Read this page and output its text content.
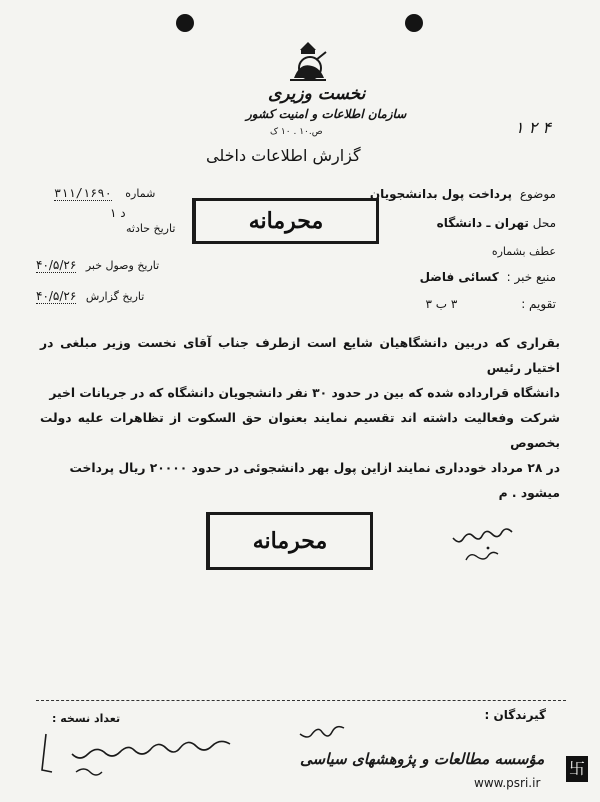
نخست وزیری
سازمان اطلاعات و امنیت کشور
ص.۱۰ . ۱۰ ک
گزارش اطلاعات داخلی
۱ ۲ ۴
شماره ۳۱۱/۱۶۹۰
د ۱
تاریخ حادثه
تاریخ وصول خبر ۴۰/۵/۲۶
تاریخ گزارش ۴۰/۵/۲۶
موضوع پرداخت پول بدانشجویان
محل تهران ـ دانشگاه
عطف بشماره
منبع خبر : کسائی فاضل
تقویم : ۳ ب ۳
محرمانه

بقراری که دربین دانشگاهیان شایع است ازطرف جناب آقای نخست وزیر مبلغی در اختیار رئیس

دانشگاه قرارداده شده که بین در حدود ۳۰ نفر دانشجویان دانشگاه که در جریانات اخیر

شرکت وفعالیت داشته اند تقسیم نمایند بعنوان حق السکوت از تظاهرات علیه دولت بخصوص

در ۲۸ مرداد خودداری نمایند ازاین پول بهر دانشجوئی در حدود ۲۰۰۰۰ ریال پرداخت

میشود . م

محرمانه
گیرندگان :
تعداد نسخه :
مؤسسه مطالعات و پژوهشهای سیاسی
www.psri.ir
卐
